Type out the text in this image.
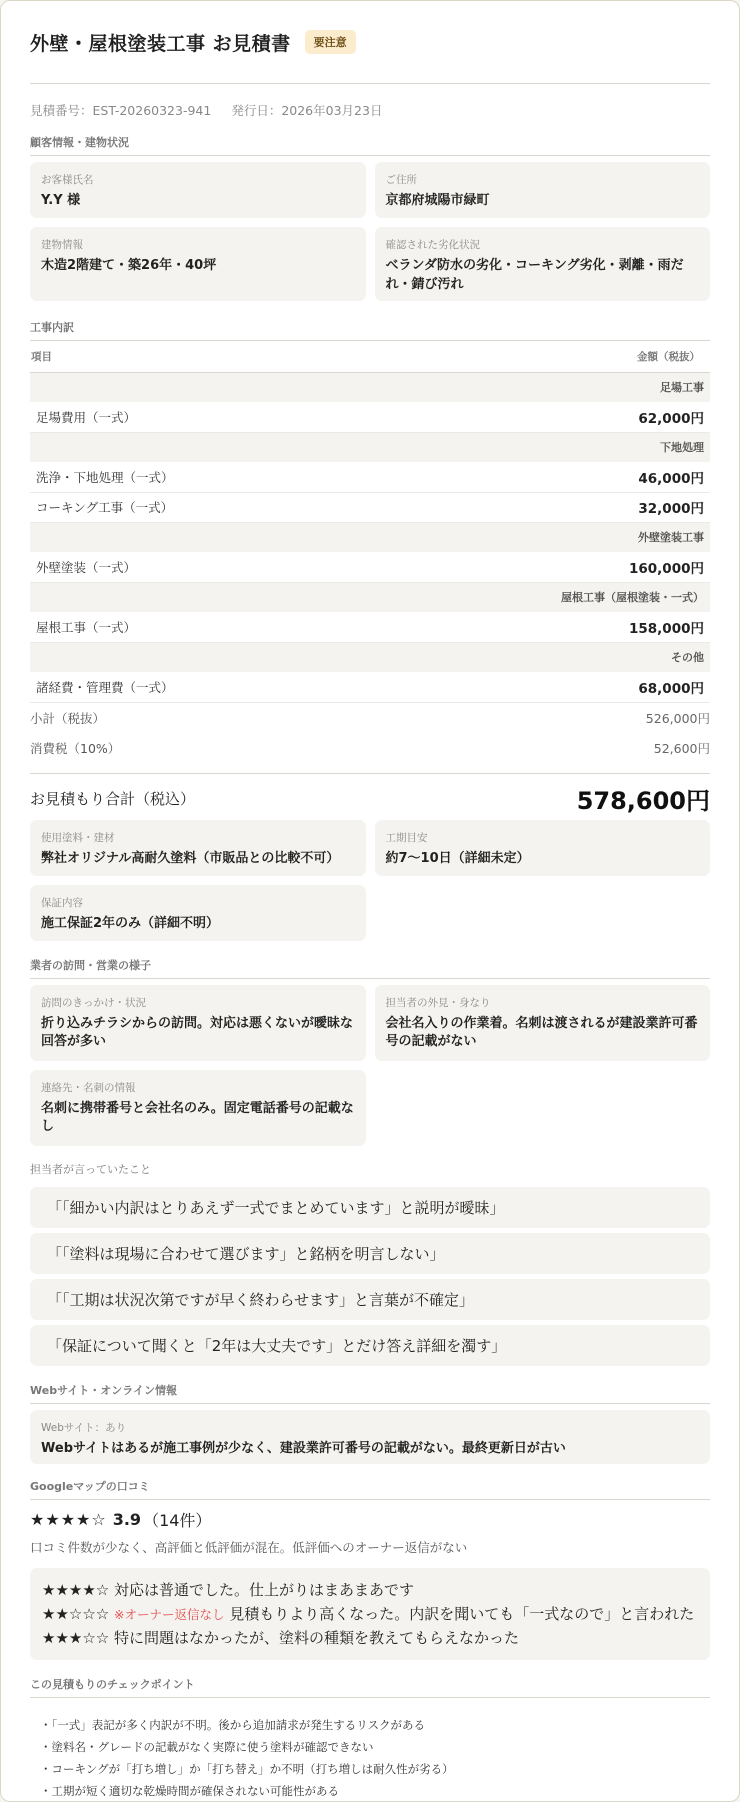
外壁・屋根塗装工事 お見積書	要注意
見積番号：EST-20260323-941 発行日：2026年03月23日
顧客情報・建物状況
お客様氏名
Y.Y 様
ご住所
京都府城陽市緑町
建物情報
木造2階建て・築26年・40坪
確認された劣化状況
ベランダ防水の劣化・コーキング劣化・剥離・雨だれ・錆び汚れ
工事内訳
項目	金額（税抜）
足場工事	
足場費用（一式）	62,000円
下地処理	
洗浄・下地処理（一式）	46,000円
コーキング工事（一式）	32,000円
外壁塗装工事	
外壁塗装（一式）	160,000円
屋根工事（屋根塗装・一式）	
屋根工事（一式）	158,000円
その他	
諸経費・管理費（一式）	68,000円
小計（税抜）	526,000円
消費税（10%）	52,600円
お見積もり合計（税込）	578,600円
使用塗料・建材
弊社オリジナル高耐久塗料（市販品との比較不可）
工期目安
約7〜10日（詳細未定）
保証内容
施工保証2年のみ（詳細不明）
業者の訪問・営業の様子
訪問のきっかけ・状況
折り込みチラシからの訪問。対応は悪くないが曖昧な回答が多い
担当者の外見・身なり
会社名入りの作業着。名刺は渡されるが建設業許可番号の記載がない
連絡先・名刺の情報
名刺に携帯番号と会社名のみ。固定電話番号の記載なし
担当者が言っていたこと
「「細かい内訳はとりあえず一式でまとめています」と説明が曖昧」
「「塗料は現場に合わせて選びます」と銘柄を明言しない」
「「工期は状況次第ですが早く終わらせます」と言葉が不確定」
「保証について聞くと「2年は大丈夫です」とだけ答え詳細を濁す」
Webサイト・オンライン情報
Webサイト：あり
Webサイトはあるが施工事例が少なく、建設業許可番号の記載がない。最終更新日が古い
Googleマップの口コミ
★★★★☆ 3.9 （14件）
口コミ件数が少なく、高評価と低評価が混在。低評価へのオーナー返信がない
★★★★☆ 対応は普通でした。仕上がりはまあまあです
★★☆☆☆ ※オーナー返信なし 見積もりより高くなった。内訳を聞いても「一式なので」と言われた
★★★☆☆ 特に問題はなかったが、塗料の種類を教えてもらえなかった
この見積もりのチェックポイント
・「一式」表記が多く内訳が不明。後から追加請求が発生するリスクがある
・塗料名・グレードの記載がなく実際に使う塗料が確認できない
・コーキングが「打ち増し」か「打ち替え」か不明（打ち増しは耐久性が劣る）
・工期が短く適切な乾燥時間が確保されない可能性がある
